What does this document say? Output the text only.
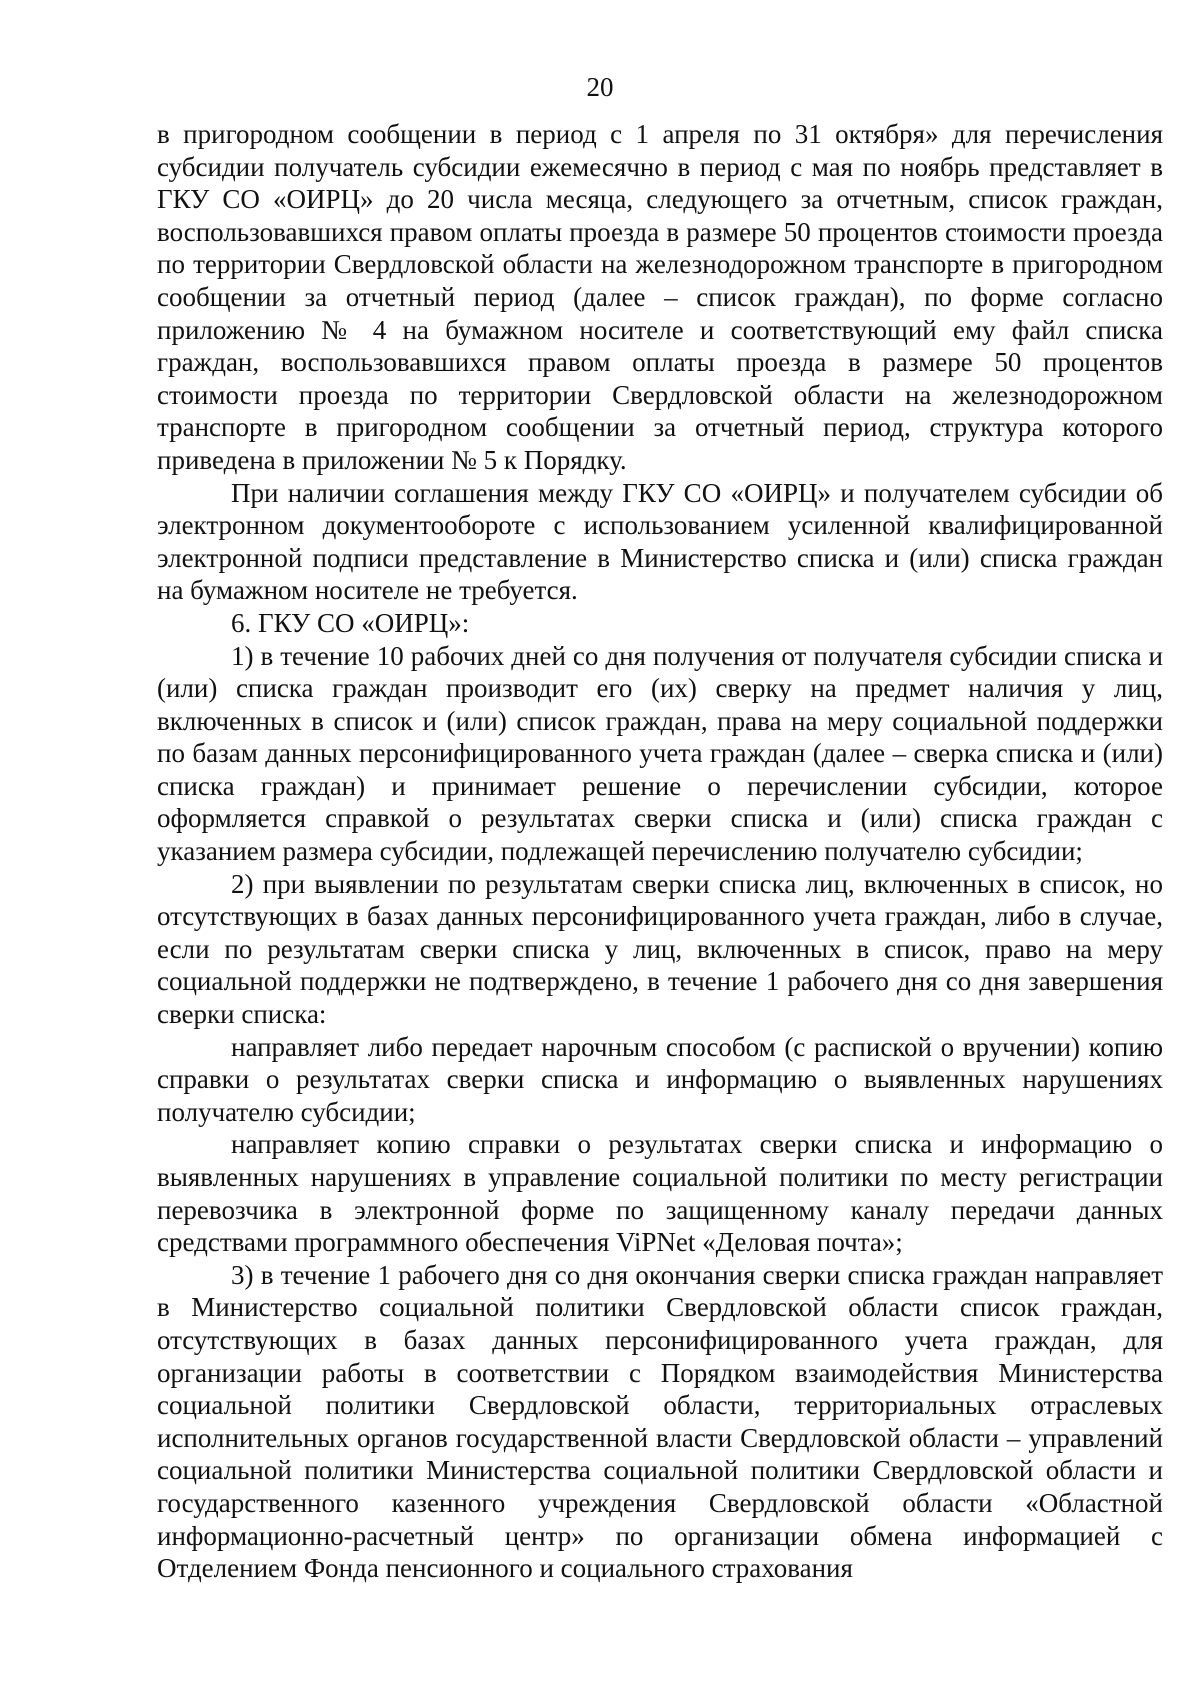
20

в пригородном сообщении в период с 1 апреля по 31 октября» для перечисления субсидии получатель субсидии ежемесячно в период с мая по ноябрь представляет в ГКУ СО «ОИРЦ» до 20 числа месяца, следующего за отчетным, список граждан, воспользовавшихся правом оплаты проезда в размере 50 процентов стоимости проезда по территории Свердловской области на железнодорожном транспорте в пригородном сообщении за отчетный период (далее – список граждан), по форме согласно приложению № 4 на бумажном носителе и соответствующий ему файл списка граждан, воспользовавшихся правом оплаты проезда в размере 50 процентов стоимости проезда по территории Свердловской области на железнодорожном транспорте в пригородном сообщении за отчетный период, структура которого приведена в приложении № 5 к Порядку.

При наличии соглашения между ГКУ СО «ОИРЦ» и получателем субсидии об электронном документообороте с использованием усиленной квалифицированной электронной подписи представление в Министерство списка и (или) списка граждан на бумажном носителе не требуется.

6. ГКУ СО «ОИРЦ»:

1) в течение 10 рабочих дней со дня получения от получателя субсидии списка и (или) списка граждан производит его (их) сверку на предмет наличия у лиц, включенных в список и (или) список граждан, права на меру социальной поддержки по базам данных персонифицированного учета граждан (далее – сверка списка и (или) списка граждан) и принимает решение о перечислении субсидии, которое оформляется справкой о результатах сверки списка и (или) списка граждан с указанием размера субсидии, подлежащей перечислению получателю субсидии;

2) при выявлении по результатам сверки списка лиц, включенных в список, но отсутствующих в базах данных персонифицированного учета граждан, либо в случае, если по результатам сверки списка у лиц, включенных в список, право на меру социальной поддержки не подтверждено, в течение 1 рабочего дня со дня завершения сверки списка:

направляет либо передает нарочным способом (с распиской о вручении) копию справки о результатах сверки списка и информацию о выявленных нарушениях получателю субсидии;

направляет копию справки о результатах сверки списка и информацию о выявленных нарушениях в управление социальной политики по месту регистрации перевозчика в электронной форме по защищенному каналу передачи данных средствами программного обеспечения ViPNet «Деловая почта»;

3) в течение 1 рабочего дня со дня окончания сверки списка граждан направляет в Министерство социальной политики Свердловской области список граждан, отсутствующих в базах данных персонифицированного учета граждан, для организации работы в соответствии с Порядком взаимодействия Министерства социальной политики Свердловской области, территориальных отраслевых исполнительных органов государственной власти Свердловской области – управлений социальной политики Министерства социальной политики Свердловской области и государственного казенного учреждения Свердловской области «Областной информационно-расчетный центр» по организации обмена информацией с Отделением Фонда пенсионного и социального страхования
